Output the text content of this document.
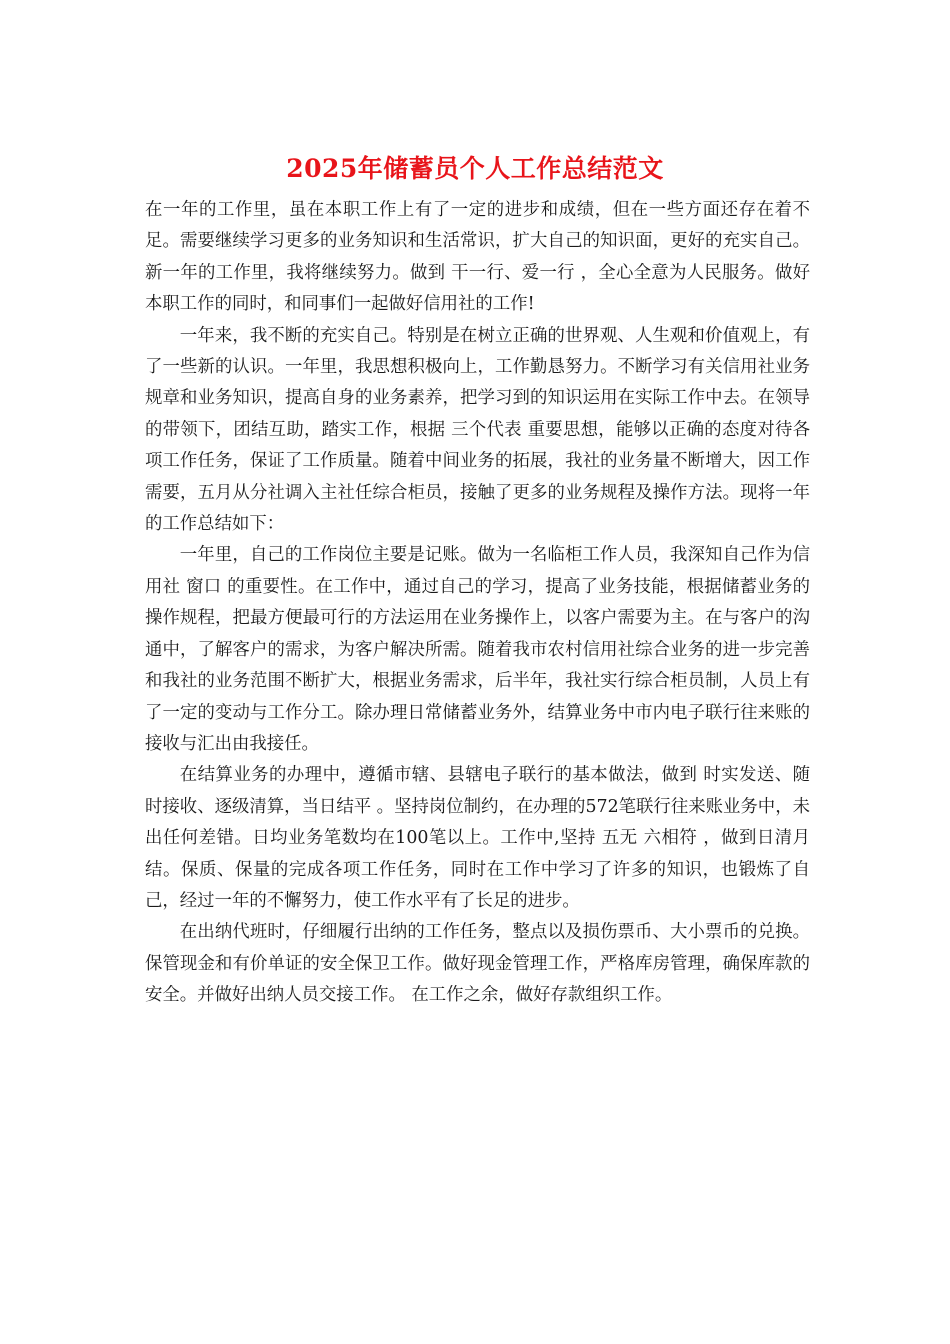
2025年储蓄员个人工作总结范文

在一年的工作里，虽在本职工作上有了一定的进步和成绩，但在一些方面还存在着不足。需要继续学习更多的业务知识和生活常识，扩大自己的知识面，更好的充实自己。新一年的工作里，我将继续努力。做到 干一行、爱一行 ，全心全意为人民服务。做好本职工作的同时，和同事们一起做好信用社的工作!

一年来，我不断的充实自己。特别是在树立正确的世界观、人生观和价值观上，有了一些新的认识。一年里，我思想积极向上，工作勤恳努力。不断学习有关信用社业务规章和业务知识，提高自身的业务素养，把学习到的知识运用在实际工作中去。在领导的带领下，团结互助，踏实工作，根据 三个代表 重要思想，能够以正确的态度对待各项工作任务，保证了工作质量。随着中间业务的拓展，我社的业务量不断增大，因工作需要，五月从分社调入主社任综合柜员，接触了更多的业务规程及操作方法。现将一年的工作总结如下：

一年里，自己的工作岗位主要是记账。做为一名临柜工作人员，我深知自己作为信用社 窗口 的重要性。在工作中，通过自己的学习，提高了业务技能，根据储蓄业务的操作规程，把最方便最可行的方法运用在业务操作上，以客户需要为主。在与客户的沟通中，了解客户的需求，为客户解决所需。随着我市农村信用社综合业务的进一步完善和我社的业务范围不断扩大，根据业务需求，后半年，我社实行综合柜员制，人员上有了一定的变动与工作分工。除办理日常储蓄业务外，结算业务中市内电子联行往来账的接收与汇出由我接任。

在结算业务的办理中，遵循市辖、县辖电子联行的基本做法，做到 时实发送、随时接收、逐级清算，当日结平 。坚持岗位制约，在办理的572笔联行往来账业务中，未出任何差错。日均业务笔数均在100笔以上。工作中,坚持 五无 六相符 ，做到日清月结。保质、保量的完成各项工作任务，同时在工作中学习了许多的知识，也锻炼了自己，经过一年的不懈努力，使工作水平有了长足的进步。

在出纳代班时，仔细履行出纳的工作任务，整点以及损伤票币、大小票币的兑换。保管现金和有价单证的安全保卫工作。做好现金管理工作，严格库房管理，确保库款的安全。并做好出纳人员交接工作。 在工作之余，做好存款组织工作。
